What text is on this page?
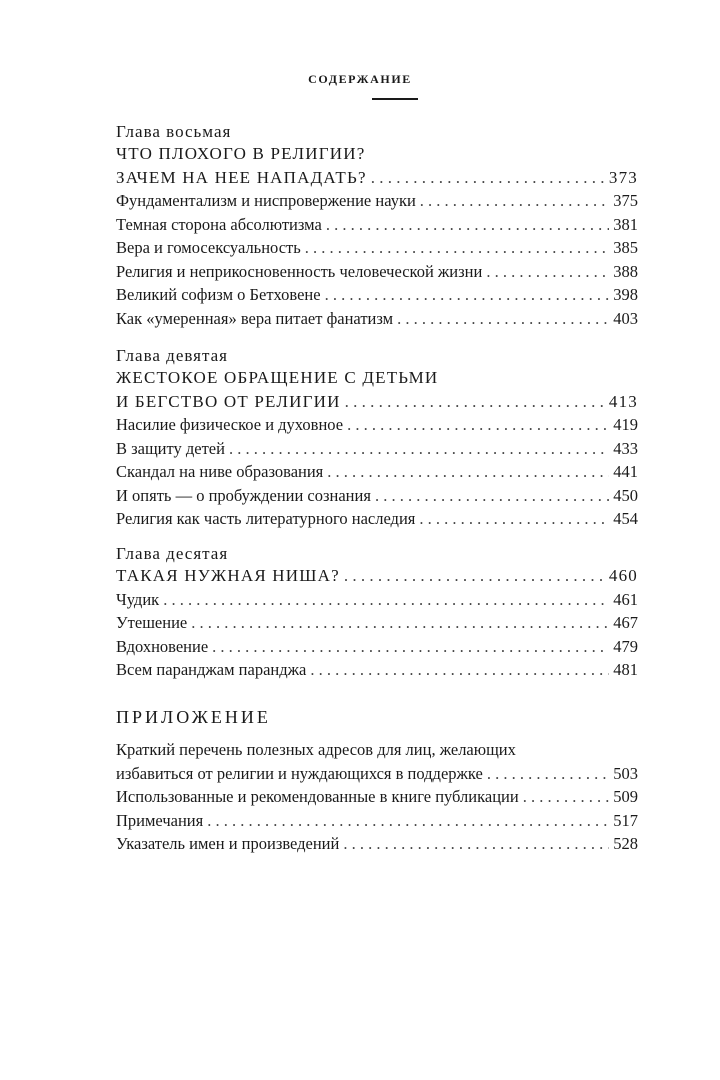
СОДЕРЖАНИЕ
Глава восьмая
ЧТО ПЛОХОГО В РЕЛИГИИ?
ЗАЧЕМ НА НЕЕ НАПАДАТЬ? . . .	373
Фундаментализм и ниспровержение науки . . .	375
Темная сторона абсолютизма . . .	381
Вера и гомосексуальность . . .	385
Религия и неприкосновенность человеческой жизни . . .	388
Великий софизм о Бетховене . . .	398
Как «умеренная» вера питает фанатизм . . .	403
Глава девятая
ЖЕСТОКОЕ ОБРАЩЕНИЕ С ДЕТЬМИ
И БЕГСТВО ОТ РЕЛИГИИ . . .	413
Насилие физическое и духовное . . .	419
В защиту детей . . .	433
Скандал на ниве образования . . .	441
И опять — о пробуждении сознания . . .	450
Религия как часть литературного наследия . . .	454
Глава десятая
ТАКАЯ НУЖНАЯ НИША? . . .	460
Чудик . . .	461
Утешение . . .	467
Вдохновение . . .	479
Всем паранджам паранджа . . .	481
ПРИЛОЖЕНИЕ
Краткий перечень полезных адресов для лиц, желающих
избавиться от религии и нуждающихся в поддержке . . .	503
Использованные и рекомендованные в книге публикации . . .	509
Примечания . . .	517
Указатель имен и произведений . . .	528
